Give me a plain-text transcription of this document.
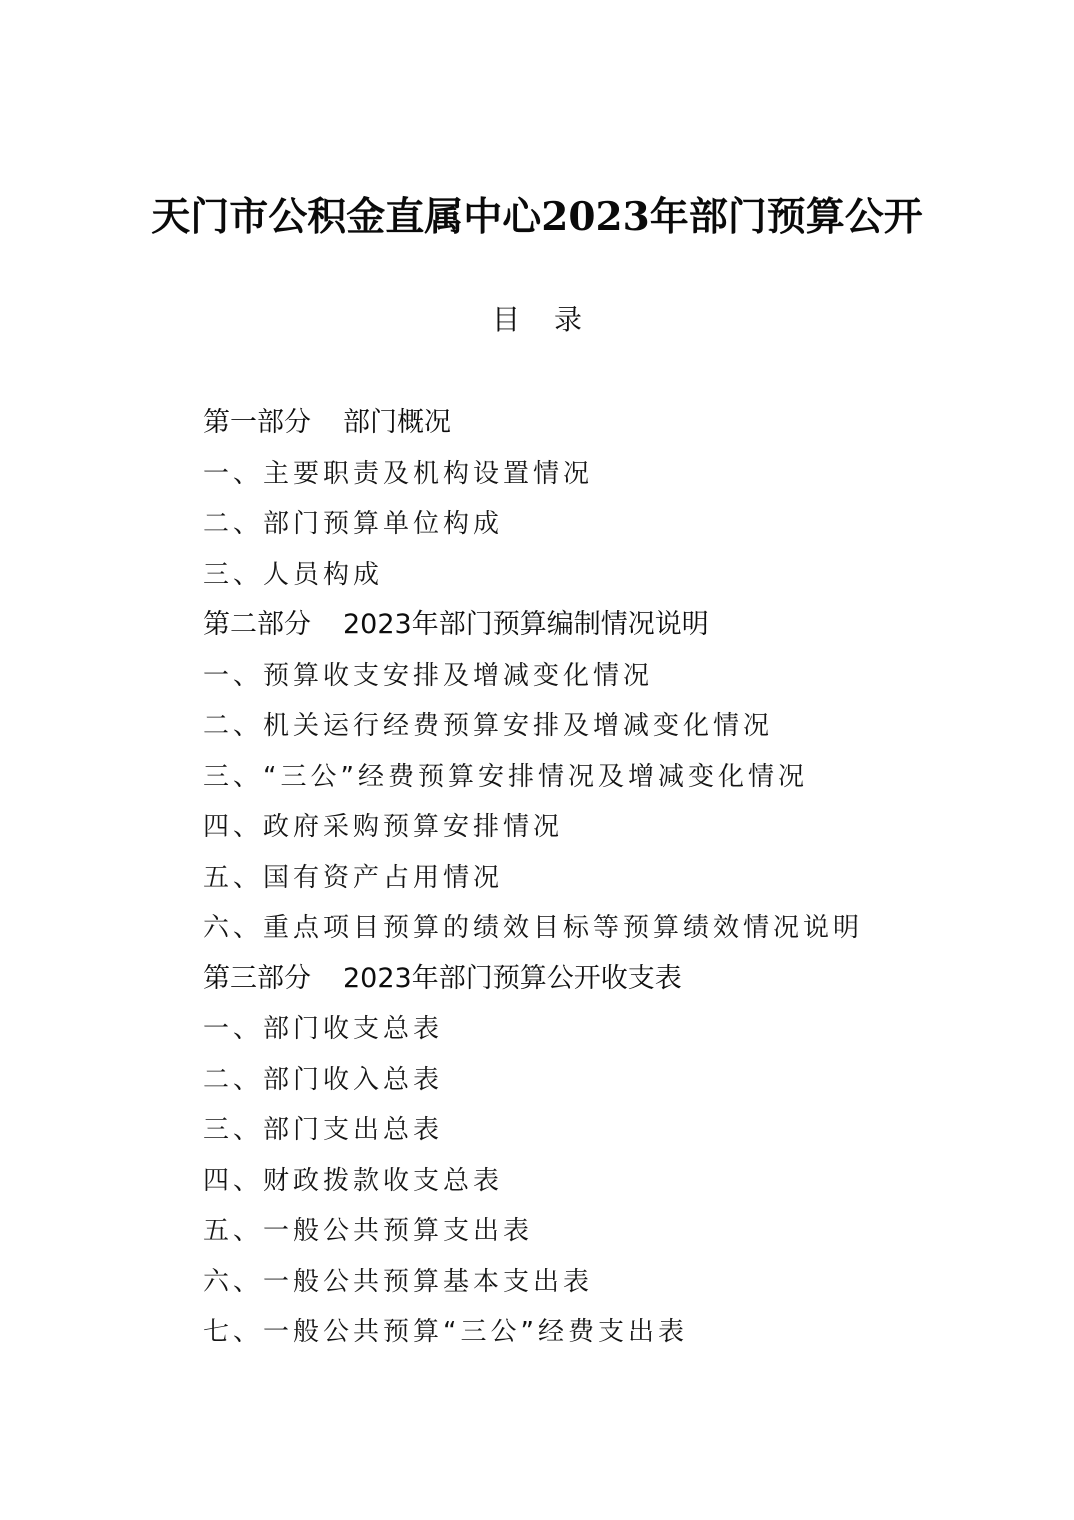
天门市公积金直属中心2023年部门预算公开
目 录
第一部分 部门概况
一、主要职责及机构设置情况
二、部门预算单位构成
三、人员构成
第二部分 2023年部门预算编制情况说明
一、预算收支安排及增减变化情况
二、机关运行经费预算安排及增减变化情况
三、“三公”经费预算安排情况及增减变化情况
四、政府采购预算安排情况
五、国有资产占用情况
六、重点项目预算的绩效目标等预算绩效情况说明
第三部分 2023年部门预算公开收支表
一、部门收支总表
二、部门收入总表
三、部门支出总表
四、财政拨款收支总表
五、一般公共预算支出表
六、一般公共预算基本支出表
七、一般公共预算“三公”经费支出表
